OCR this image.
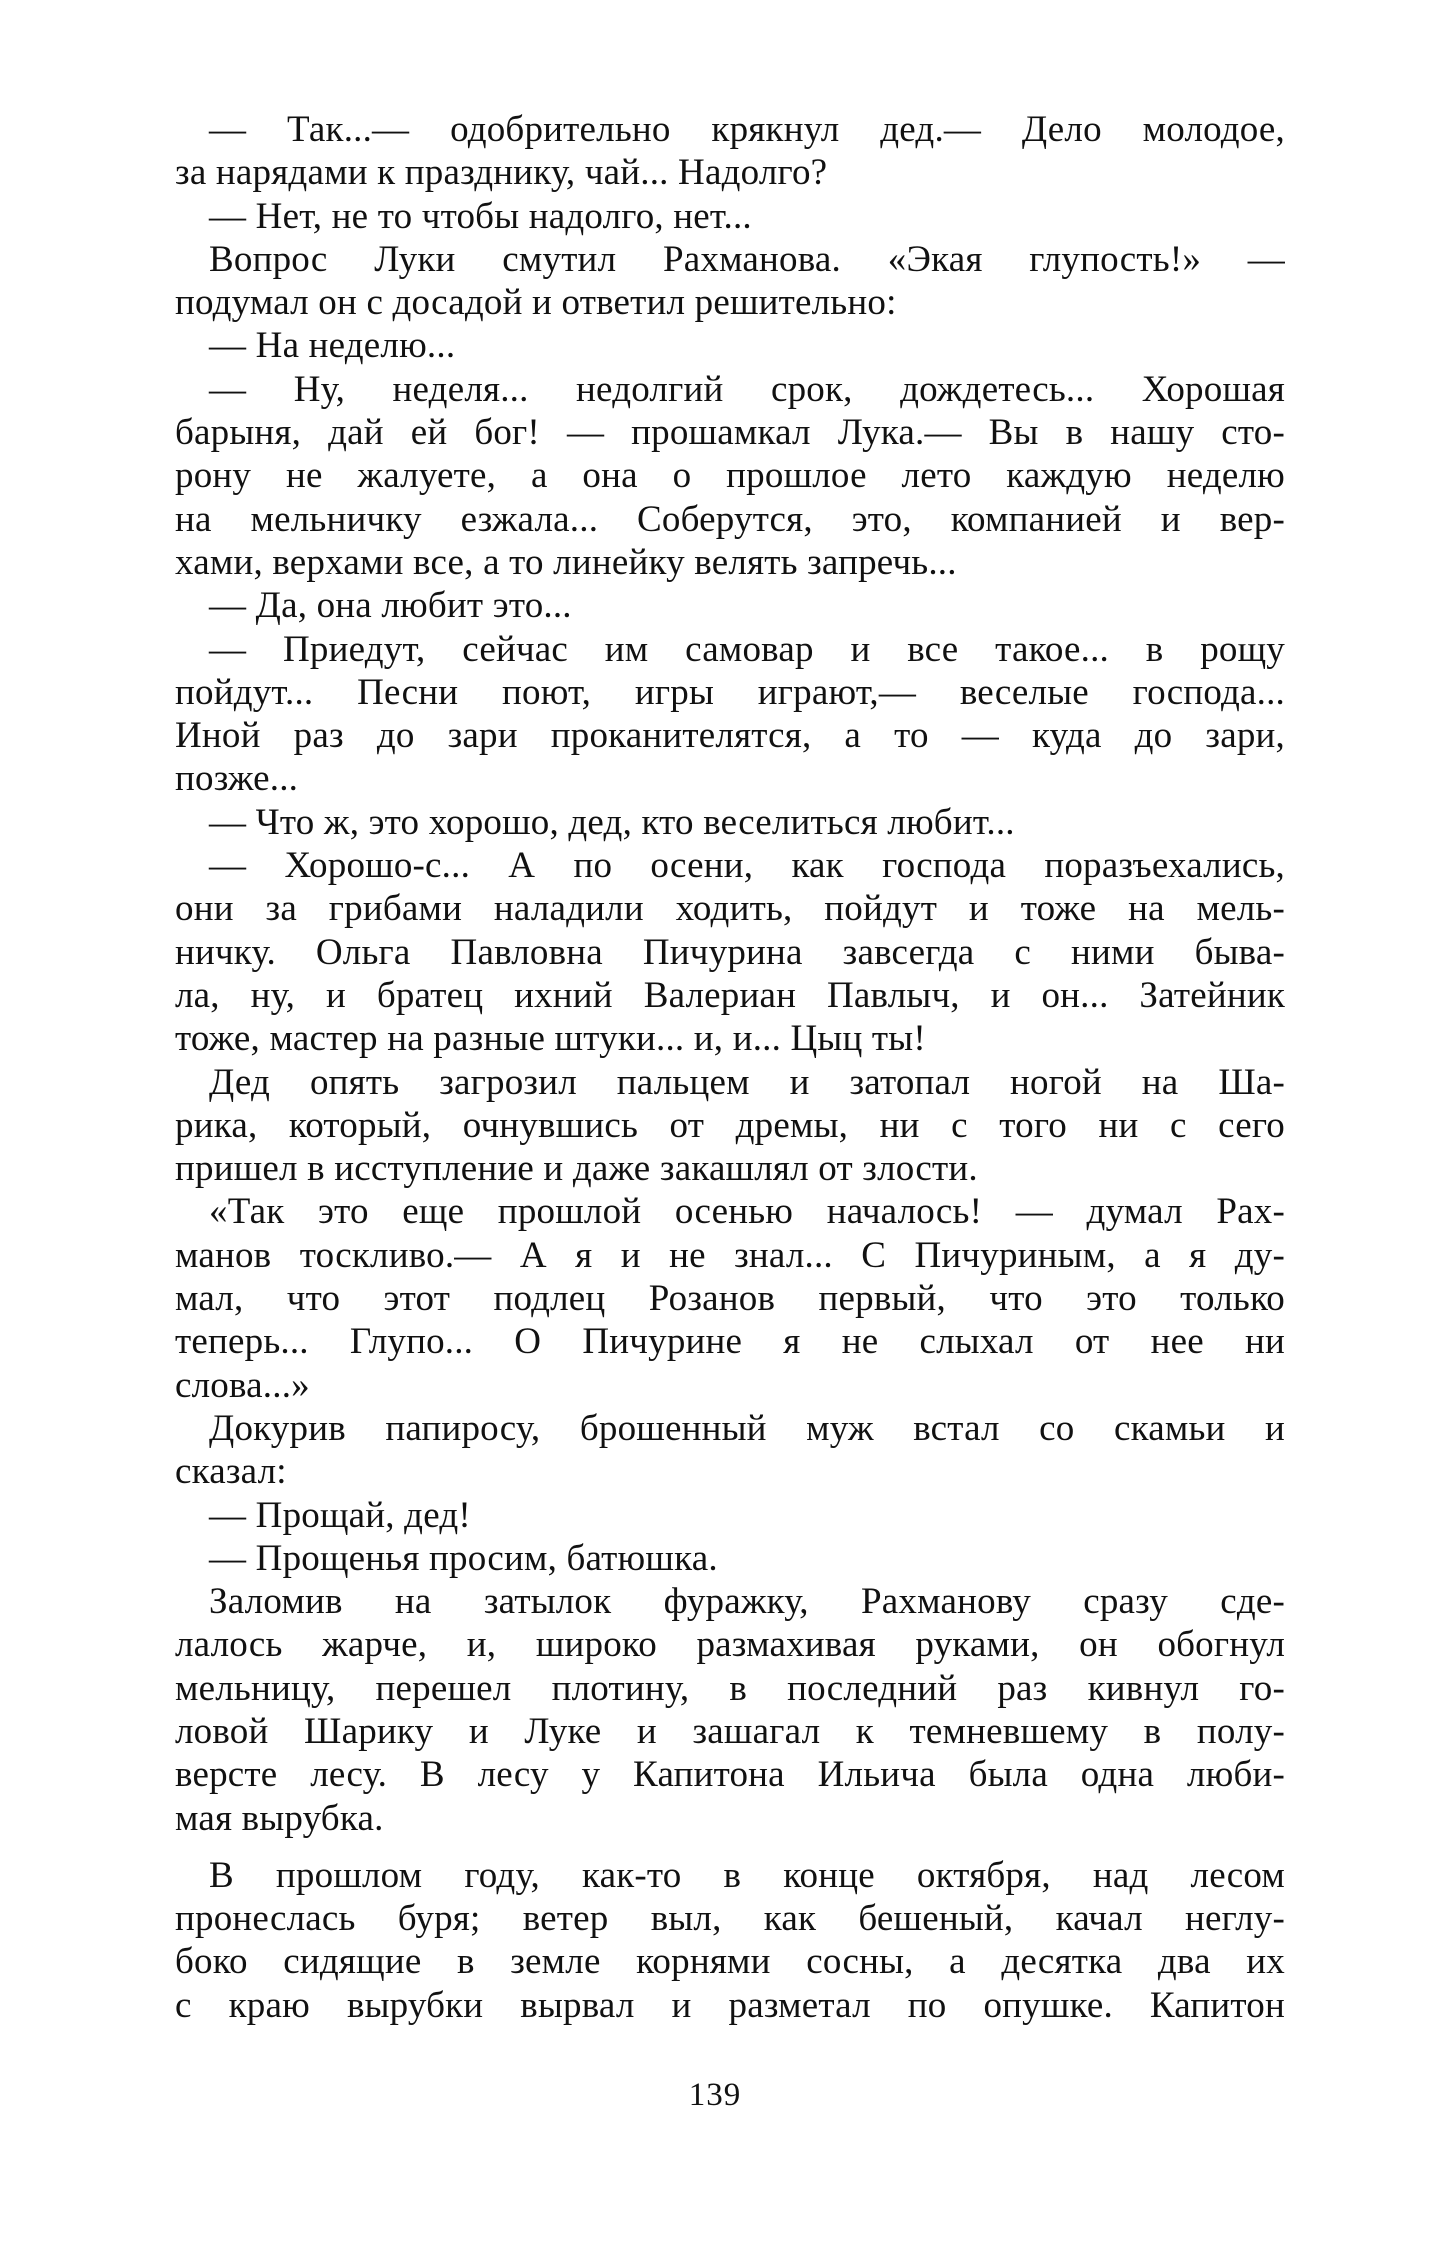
— Так...— одобрительно крякнул дед.— Дело молодое,
за нарядами к празднику, чай... Надолго?
— Нет, не то чтобы надолго, нет...
Вопрос Луки смутил Рахманова. «Экая глупость!» —
подумал он с досадой и ответил решительно:
— На неделю...
— Ну, неделя... недолгий срок, дождетесь... Хорошая
барыня, дай ей бог! — прошамкал Лука.— Вы в нашу сто-
рону не жалуете, а она о прошлое лето каждую неделю
на мельничку езжала... Соберутся, это, компанией и вер-
хами, верхами все, а то линейку велять запречь...
— Да, она любит это...
— Приедут, сейчас им самовар и все такое... в рощу
пойдут... Песни поют, игры играют,— веселые господа...
Иной раз до зари проканителятся, а то — куда до зари,
позже...
— Что ж, это хорошо, дед, кто веселиться любит...
— Хорошо-с... А по осени, как господа поразъехались,
они за грибами наладили ходить, пойдут и тоже на мель-
ничку. Ольга Павловна Пичурина завсегда с ними быва-
ла, ну, и братец ихний Валериан Павлыч, и он... Затейник
тоже, мастер на разные штуки... и, и... Цыц ты!
Дед опять загрозил пальцем и затопал ногой на Ша-
рика, который, очнувшись от дремы, ни с того ни с сего
пришел в исступление и даже закашлял от злости.
«Так это еще прошлой осенью началось! — думал Рах-
манов тоскливо.— А я и не знал... С Пичуриным, а я ду-
мал, что этот подлец Розанов первый, что это только
теперь... Глупо... О Пичурине я не слыхал от нее ни
слова...»
Докурив папиросу, брошенный муж встал со скамьи и
сказал:
— Прощай, дед!
— Прощенья просим, батюшка.
Заломив на затылок фуражку, Рахманову сразу сде-
лалось жарче, и, широко размахивая руками, он обогнул
мельницу, перешел плотину, в последний раз кивнул го-
ловой Шарику и Луке и зашагал к темневшему в полу-
версте лесу. В лесу у Капитона Ильича была одна люби-
мая вырубка.
В прошлом году, как-то в конце октября, над лесом
пронеслась буря; ветер выл, как бешеный, качал неглу-
боко сидящие в земле корнями сосны, а десятка два их
с краю вырубки вырвал и разметал по опушке. Капитон
139
